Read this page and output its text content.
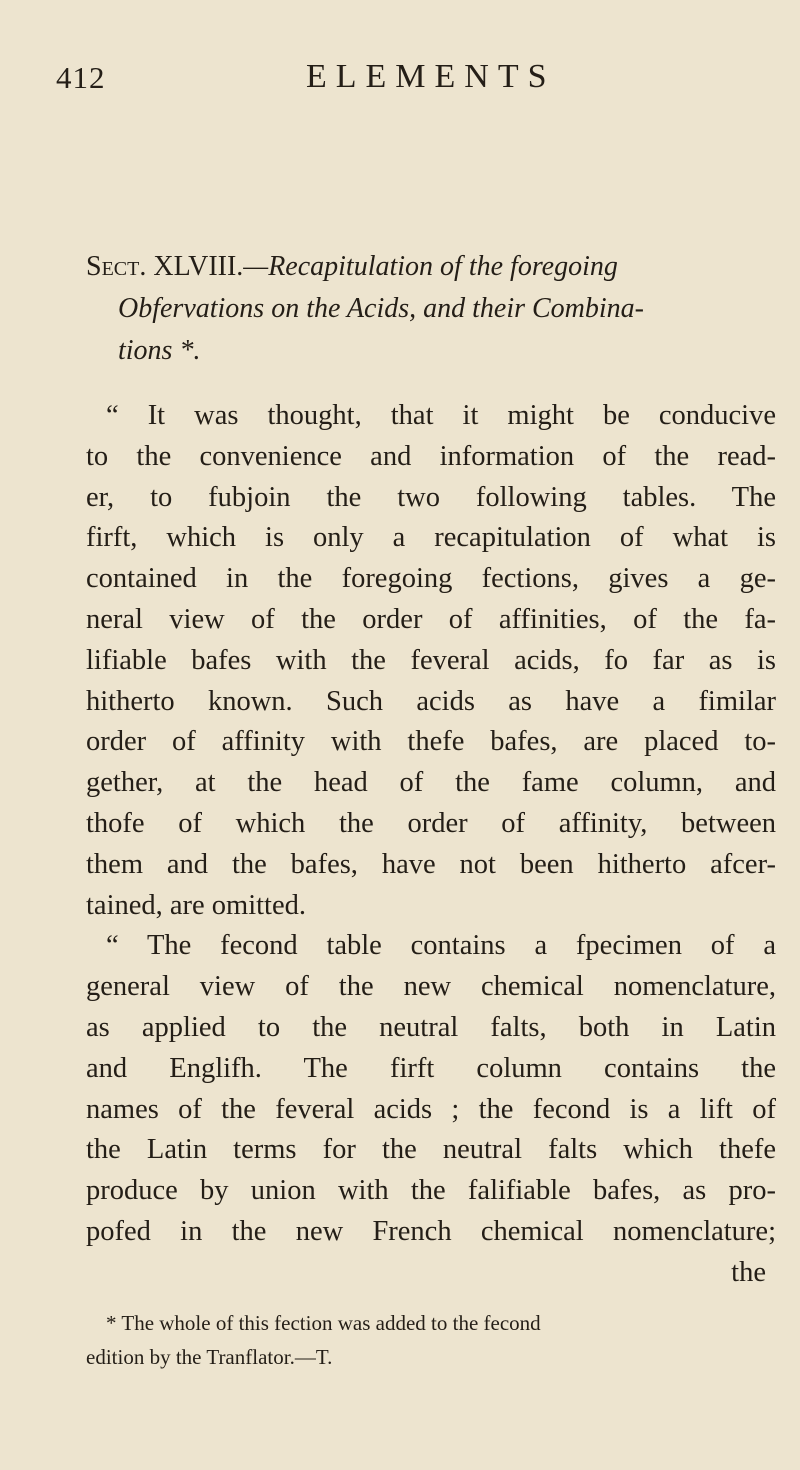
412	ELEMENTS
Sect. XLVIII.—Recapitulation of the foregoing
Obfervations on the Acids, and their Combina-
tions *.
“ It was thought, that it might be conducive
to the convenience and information of the read-
er, to fubjoin the two following tables. The
firft, which is only a recapitulation of what is
contained in the foregoing fections, gives a ge-
neral view of the order of affinities, of the fa-
lifiable bafes with the feveral acids, fo far as is
hitherto known. Such acids as have a fimilar
order of affinity with thefe bafes, are placed to-
gether, at the head of the fame column, and
thofe of which the order of affinity, between
them and the bafes, have not been hitherto afcer-
tained, are omitted.
“ The fecond table contains a fpecimen of a
general view of the new chemical nomenclature,
as applied to the neutral falts, both in Latin
and Englifh. The firft column contains the
names of the feveral acids ; the fecond is a lift of
the Latin terms for the neutral falts which thefe
produce by union with the falifiable bafes, as pro-
pofed in the new French chemical nomenclature;
the
* The whole of this fection was added to the fecond
edition by the Tranflator.—T.
